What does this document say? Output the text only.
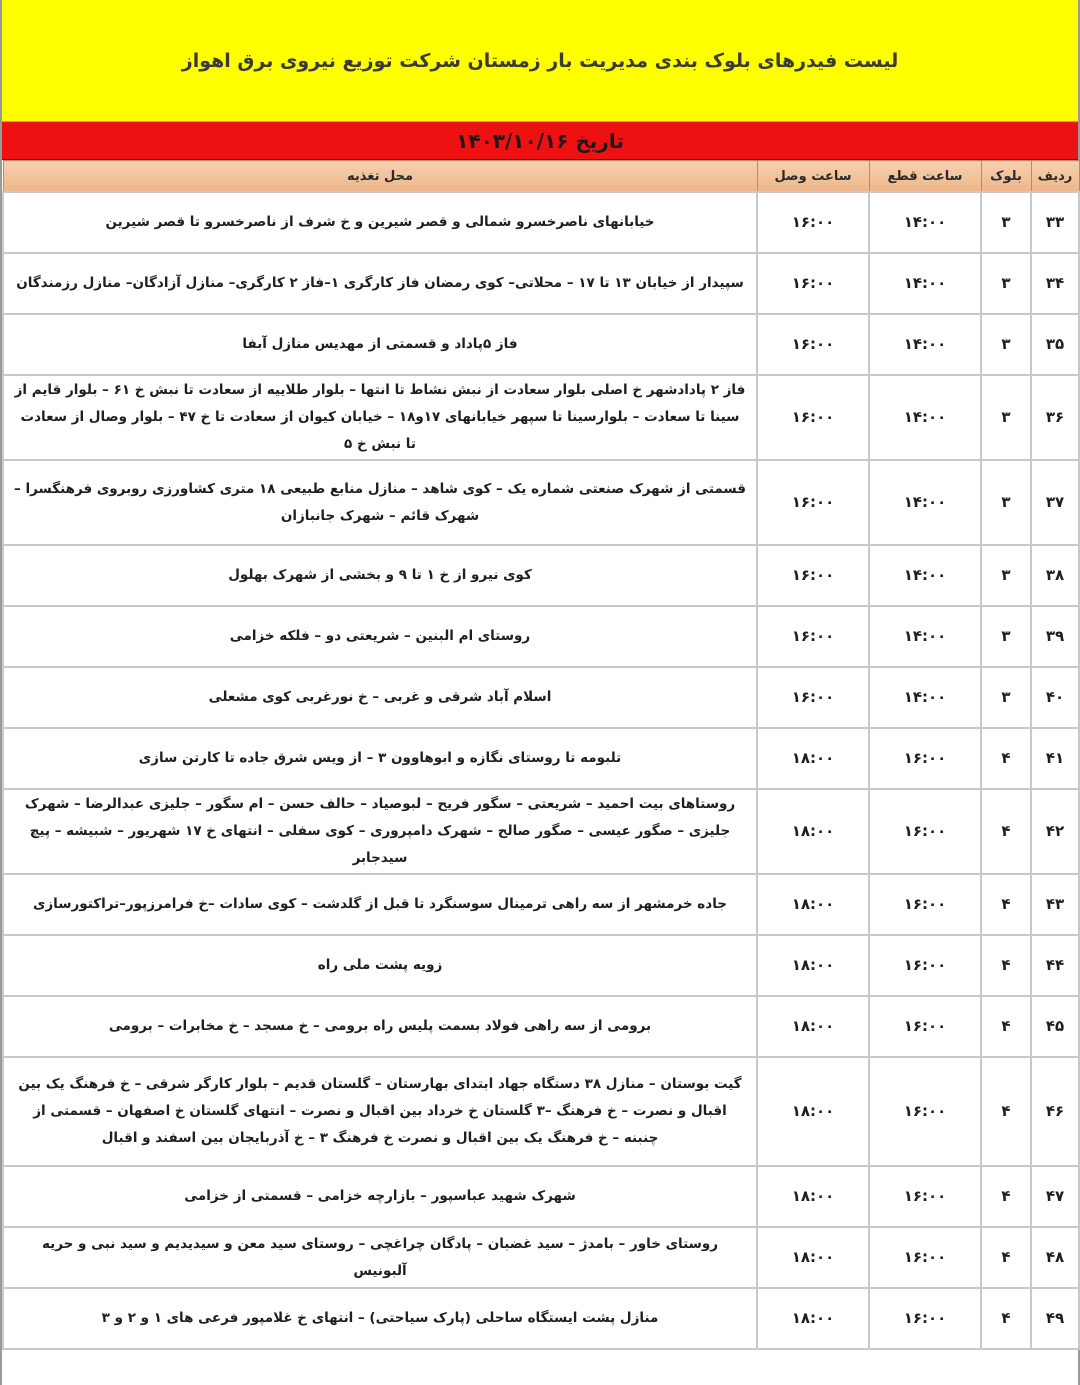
لیست فیدرهای بلوک بندی مدیریت بار زمستان شرکت توزیع نیروی برق اهواز
تاریخ ۱۴۰۳/۱۰/۱۶
ردیف	بلوک	ساعت قطع	ساعت وصل	محل تغذیه
۳۳	۳	۱۴:۰۰	۱۶:۰۰	خیابانهای ناصرخسرو شمالی و قصر شیرین و خ شرف از ناصرخسرو تا قصر شیرین
۳۴	۳	۱۴:۰۰	۱۶:۰۰	سپیدار از خیابان ۱۳ تا ۱۷ – محلاتی– کوی رمضان فاز کارگری ۱–فاز ۲ کارگری– منازل آزادگان– منازل رزمندگان
۳۵	۳	۱۴:۰۰	۱۶:۰۰	فاز ۵پاداد و قسمتی از مهدیس منازل آبفا
۳۶	۳	۱۴:۰۰	۱۶:۰۰	فاز ۲ پادادشهر خ اصلی بلوار سعادت از نبش نشاط تا انتها – بلوار طلاییه از سعادت تا نبش خ ۶۱ – بلوار قایم از سینا تا سعادت – بلوارسینا تا سپهر خیابانهای ۱۷و۱۸ – خیابان کیوان از سعادت تا خ ۴۷ – بلوار وصال از سعادت تا نبش خ ۵
۳۷	۳	۱۴:۰۰	۱۶:۰۰	قسمتی از شهرک صنعتی شماره یک – کوی شاهد – منازل منابع طبیعی ۱۸ متری کشاورزی روبروی فرهنگسرا – شهرک قائم – شهرک جانبازان
۳۸	۳	۱۴:۰۰	۱۶:۰۰	کوی نیرو از خ ۱ تا ۹ و بخشی از شهرک بهلول
۳۹	۳	۱۴:۰۰	۱۶:۰۰	روستای ام البنین – شریعتی دو – فلکه خزامی
۴۰	۳	۱۴:۰۰	۱۶:۰۰	اسلام آباد شرقی و غربی – خ نورغربی کوی مشعلی
۴۱	۴	۱۶:۰۰	۱۸:۰۰	تلبومه تا روستای نگازه و ابوهاوون ۳ – از ویس شرق جاده تا کارتن سازی
۴۲	۴	۱۶:۰۰	۱۸:۰۰	روستاهای بیت احمید – شریعتی – سگور فریح – لبوصیاد – حالف حسن – ام سگور – جلیزی عبدالرضا – شهرک جلیزی – صگور عیسی – صگور صالح – شهرک دامپروری – کوی سفلی – انتهای خ ۱۷ شهریور – شبیشه – پیچ سیدجابر
۴۳	۴	۱۶:۰۰	۱۸:۰۰	جاده خرمشهر از سه راهی ترمینال سوسنگرد تا قبل از گلدشت – کوی سادات –خ فرامرزپور–تراکتورسازی
۴۴	۴	۱۶:۰۰	۱۸:۰۰	زویه پشت ملی راه
۴۵	۴	۱۶:۰۰	۱۸:۰۰	برومی از سه راهی فولاد بسمت پلیس راه برومی – خ مسجد – خ مخابرات – برومی
۴۶	۴	۱۶:۰۰	۱۸:۰۰	گیت بوستان – منازل ۳۸ دستگاه جهاد ابتدای بهارستان – گلستان قدیم – بلوار کارگر شرقی – خ فرهنگ یک بین اقبال و نصرت – خ فرهنگ –۳ گلستان خ خرداد بین اقبال و نصرت – انتهای گلستان خ اصفهان – قسمتی از چنبنه – خ فرهنگ یک بین اقبال و نصرت خ فرهنگ ۳ – خ آذربایجان بین اسفند و اقبال
۴۷	۴	۱۶:۰۰	۱۸:۰۰	شهرک شهید عباسپور – بازارچه خزامی – قسمتی از خزامی
۴۸	۴	۱۶:۰۰	۱۸:۰۰	روستای خاور – بامدژ – سید غضبان – پادگان چراغچی – روستای سید معن و سیدیدیم و سید نبی و حریه آلبونیس
۴۹	۴	۱۶:۰۰	۱۸:۰۰	منازل پشت ایستگاه ساحلی (پارک سیاحتی) – انتهای خ غلامپور فرعی های ۱ و ۲ و ۳
